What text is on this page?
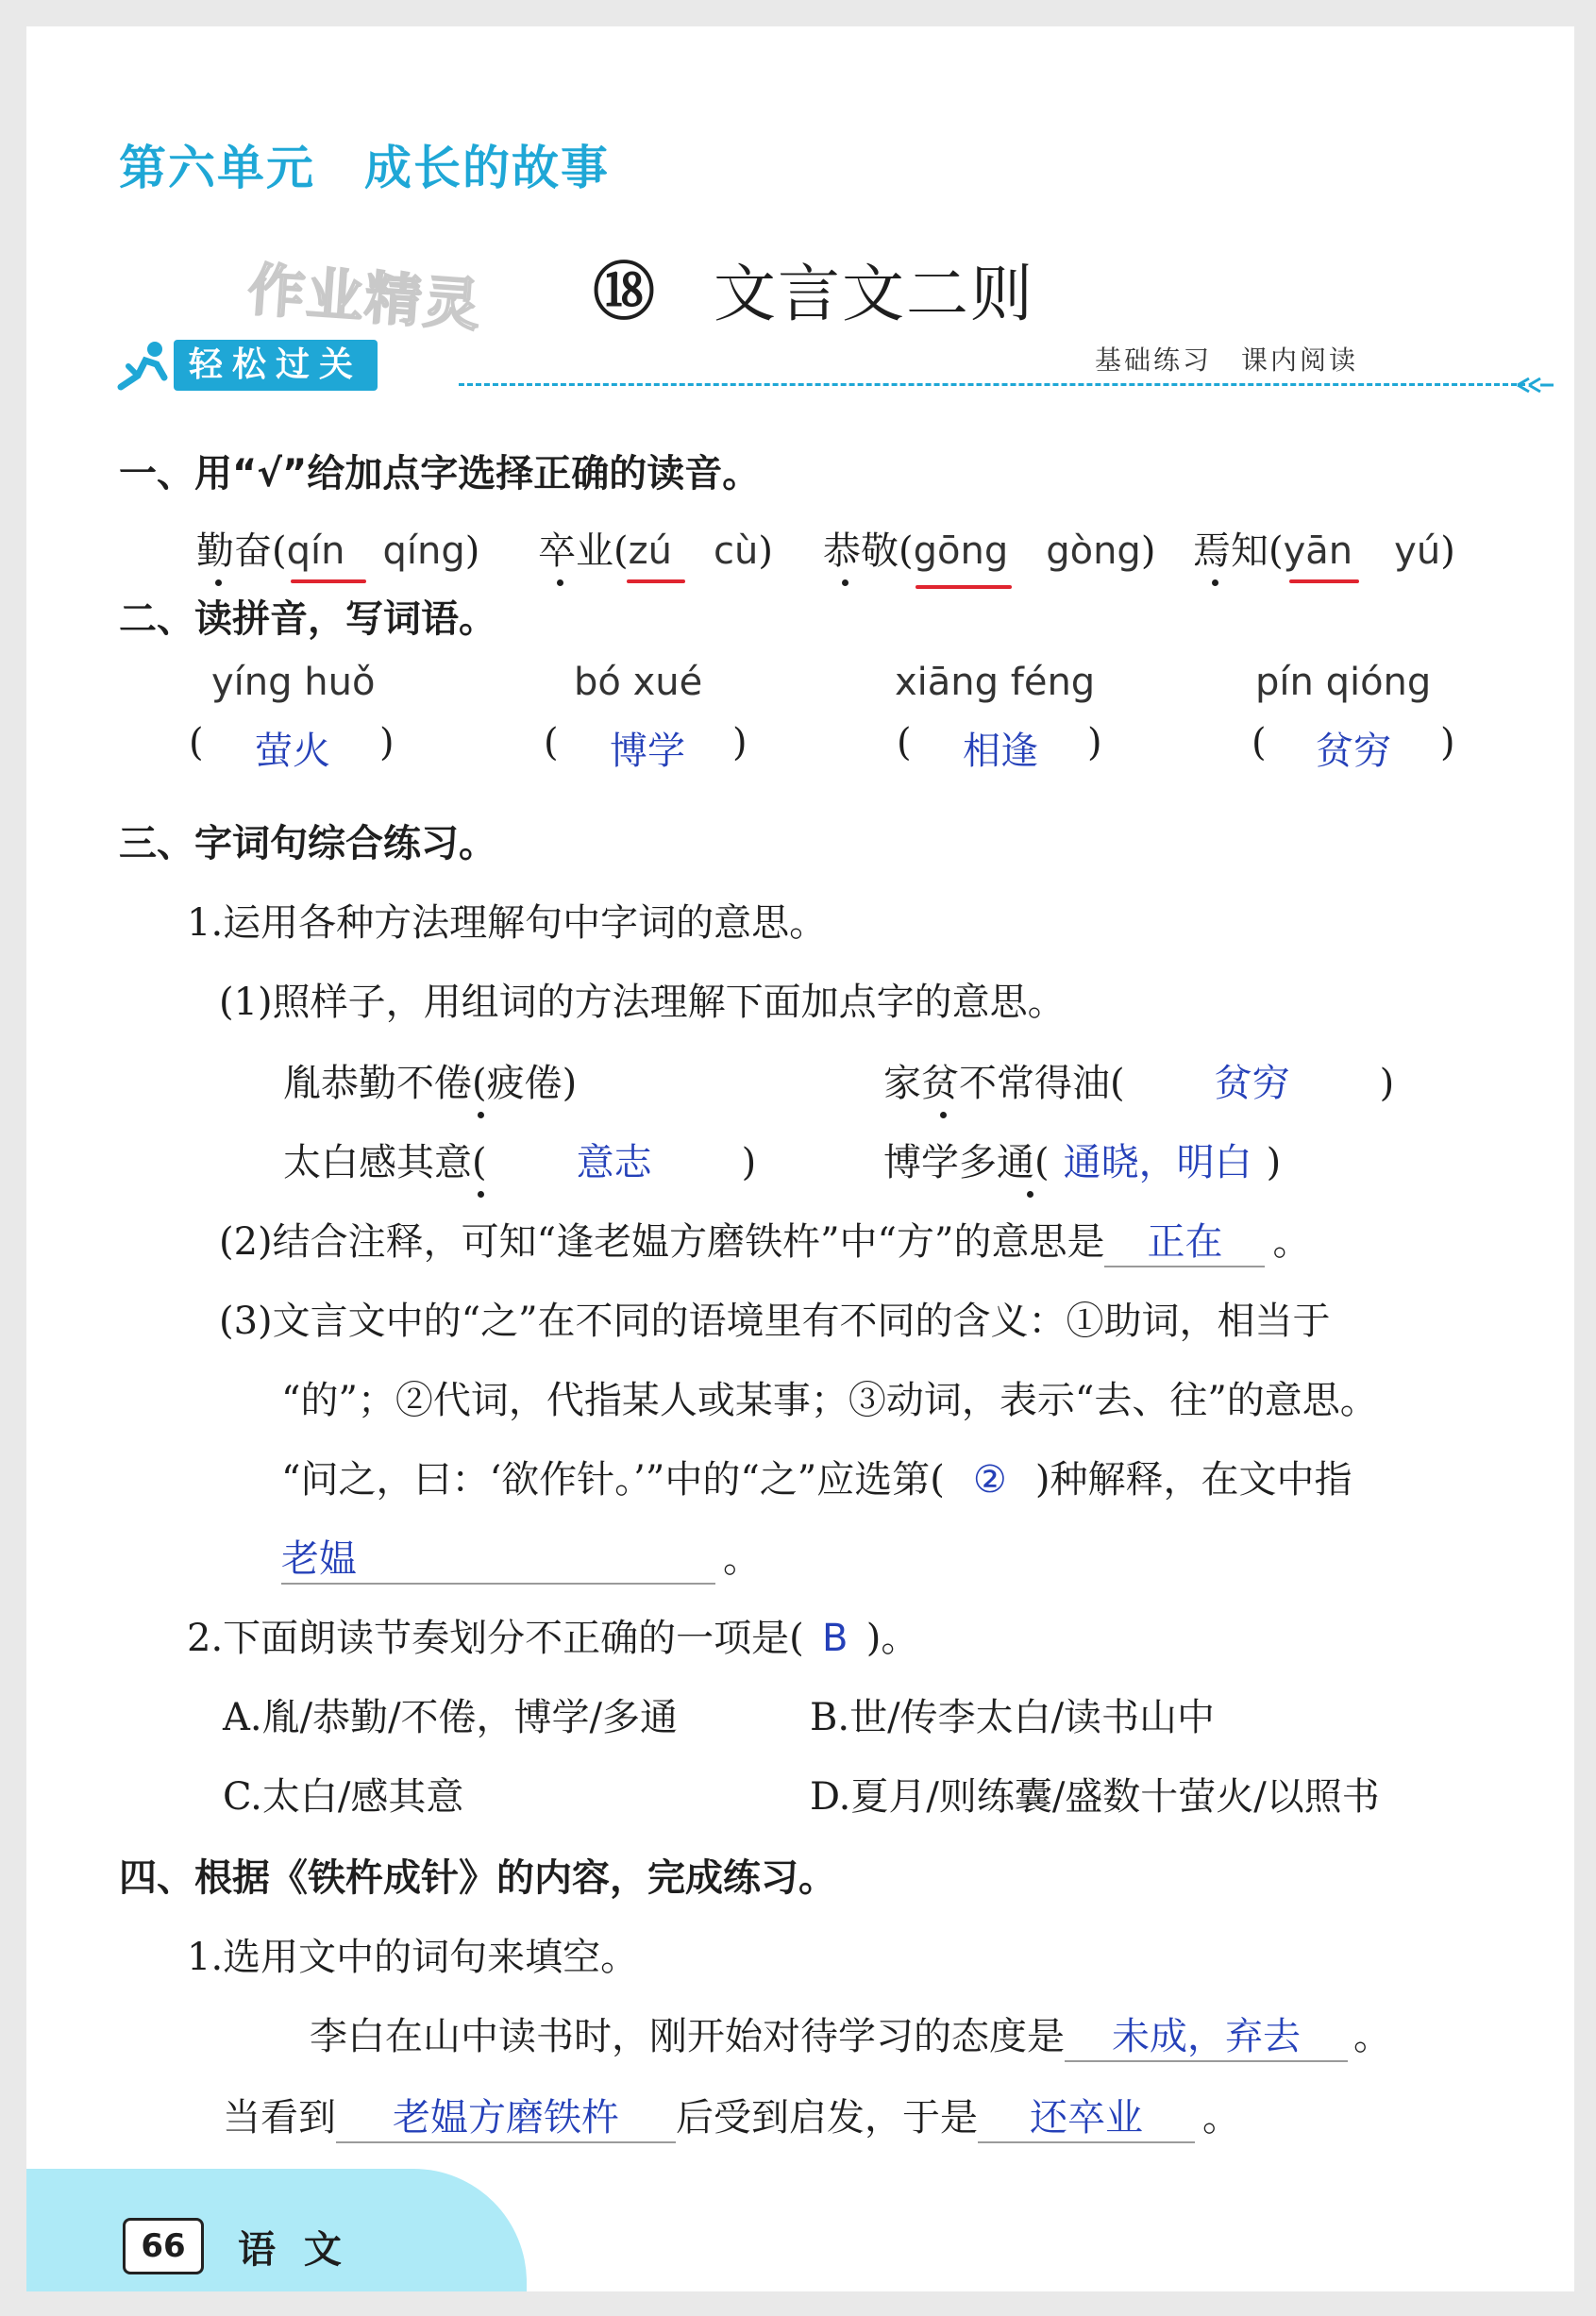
第六单元　成长的故事
作业精灵 ⑱ 文言文二则
轻松过关	基础练习　课内阅读
一、用“√”给加点字选择正确的读音。
勤奋(qín qíng) 卒业(zú cù) 恭敬(gōng gòng) 焉知(yān yú)
二、读拼音，写词语。
yíng huǒ	bó xué	xiāng féng	pín qióng
( 萤火 )	( 博学 )	( 相逢 )	( 贫穷 )
三、字词句综合练习。
1.运用各种方法理解句中字词的意思。
(1)照样子，用组词的方法理解下面加点字的意思。
胤恭勤不倦(疲倦)	家贫不常得油( 贫穷 )
太白感其意( 意志 )	博学多通( 通晓，明白 )
(2)结合注释，可知“逢老媪方磨铁杵”中“方”的意思是 正在 。
(3)文言文中的“之”在不同的语境里有不同的含义：①助词，相当于
“的”；②代词，代指某人或某事；③动词，表示“去、往”的意思。
“问之，曰：‘欲作针。’”中的“之”应选第( ② )种解释，在文中指
老媪	。
2.下面朗读节奏划分不正确的一项是( B )。
A.胤/恭勤/不倦，博学/多通	B.世/传李太白/读书山中
C.太白/感其意	D.夏月/则练囊/盛数十萤火/以照书
四、根据《铁杵成针》的内容，完成练习。
1.选用文中的词句来填空。
李白在山中读书时，刚开始对待学习的态度是 未成，弃去 。
当看到 老媪方磨铁杵 后受到启发，于是 还卒业 。
66	语 文
